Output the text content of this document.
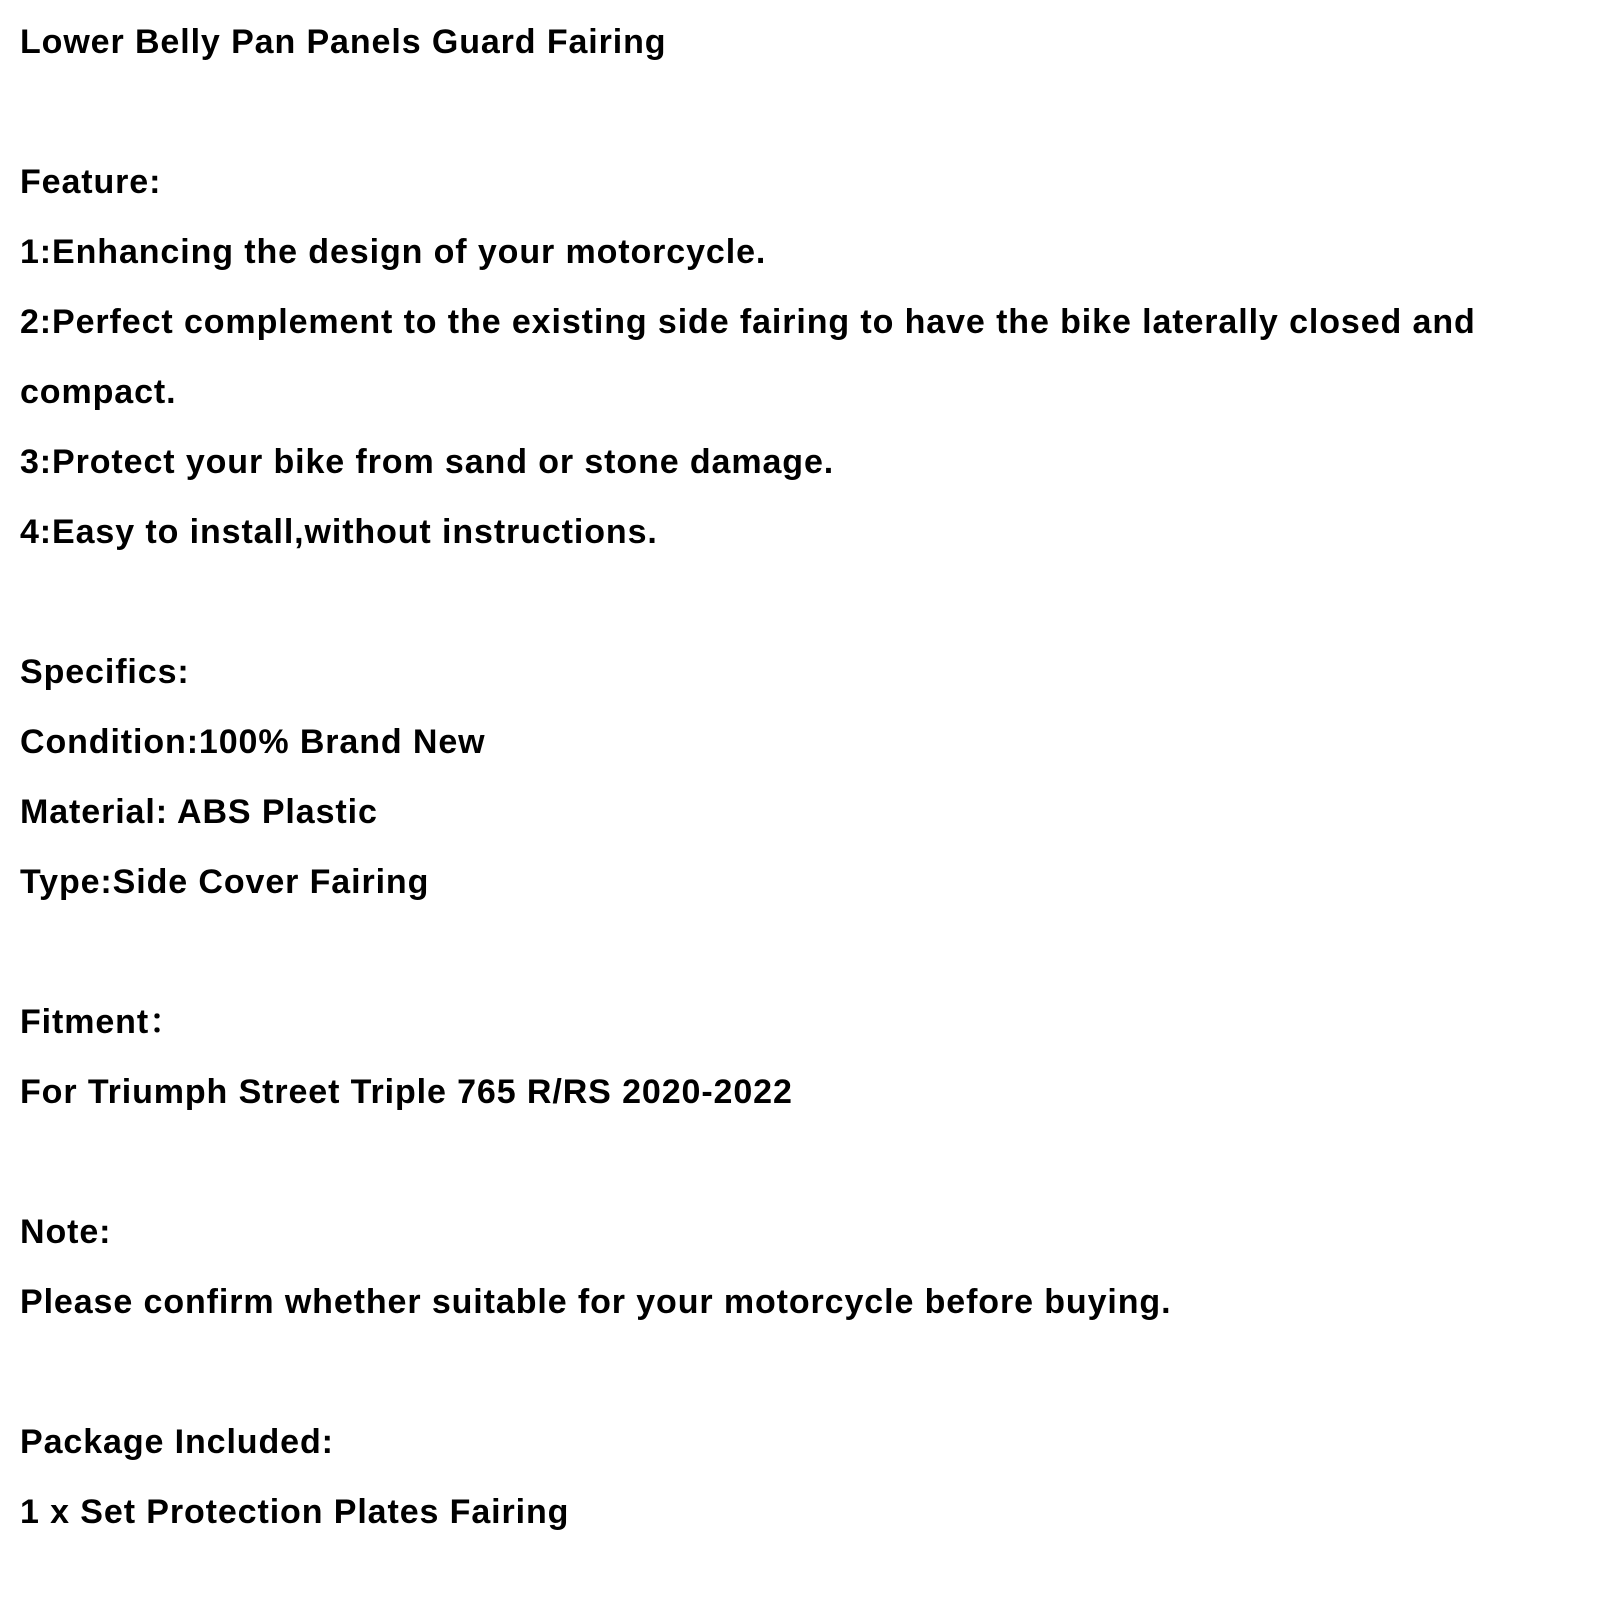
Lower Belly Pan Panels Guard Fairing
Feature:
1:Enhancing the design of your motorcycle.
2:Perfect complement to the existing side fairing to have the bike laterally closed and
compact.
3:Protect your bike from sand or stone damage.
4:Easy to install,without instructions.
Specifics:
Condition:100% Brand New
Material: ABS Plastic
Type:Side Cover Fairing
Fitment：
For Triumph Street Triple 765 R/RS 2020-2022
Note:
Please confirm whether suitable for your motorcycle before buying.
Package Included:
1 x Set Protection Plates Fairing
